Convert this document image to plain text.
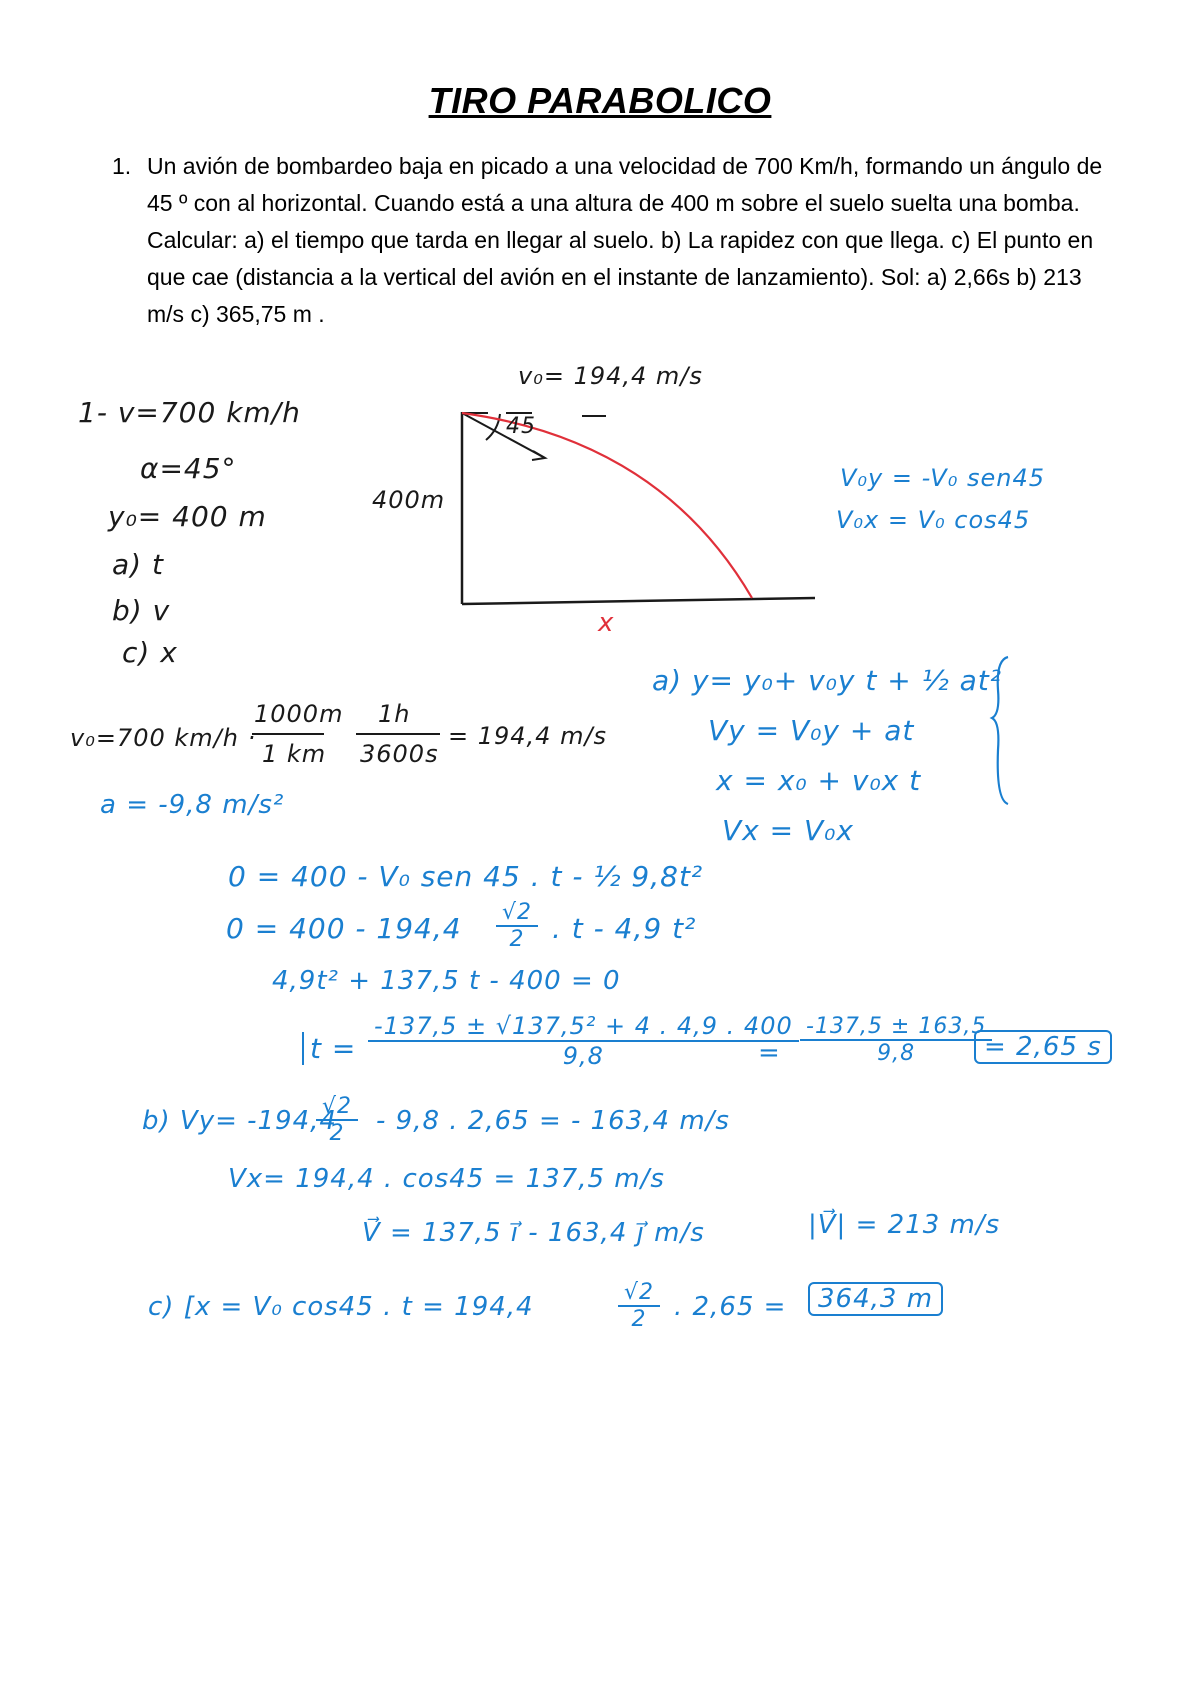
TIRO PARABOLICO
1. Un avión de bombardeo baja en picado a una velocidad de 700 Km/h, formando un ángulo de 45 º con al horizontal. Cuando está a una altura de 400 m sobre el suelo suelta una bomba. Calcular: a) el tiempo que tarda en llegar al suelo. b) La rapidez con que llega. c) El punto en que cae (distancia a la vertical del avión en el instante de lanzamiento). Sol: a) 2,66s b) 213 m/s c) 365,75 m .
1- v=700 km/h
α=45°
y₀= 400 m
a) t
b) v
c) x
v₀= 194,4 m/s
45
400m
x
V₀y = -V₀ sen45
V₀x = V₀ cos45
a) y= y₀+ v₀y t + ½ at²
Vy = V₀y + at
x = x₀ + v₀x t
Vx = V₀x
v₀=700 km/h ·
1000m
1 km
1h
3600s
= 194,4 m/s
a = -9,8 m/s²
0 = 400 - V₀ sen 45 . t - ½ 9,8t²
$0 = 400 - 194,4 \frac{√2}{2}$ . t - 4,9 t²
4,9t² + 137,5 t - 400 = 0
$t = \frac{\text{-137,5 ± √137,5² + 4 . 4,9 . 400}}{9,8}$
= $\frac{-137,5 \pm 163,5}{9,8}$
= 2,65 s
b) Vy= -194,4
$\frac{√2}{2} - 9,8$ . 2,65 = - 163,4 m/s
Vx= 194,4 . cos45 = 137,5 m/s
V⃗ = 137,5 i⃗ - 163,4 j⃗ m/s	|V⃗| = 213 m/s
c) [x = V₀ cos45 . t = 194,4	$\frac{√2}{2}$ . 2,65 =	364,3 m
